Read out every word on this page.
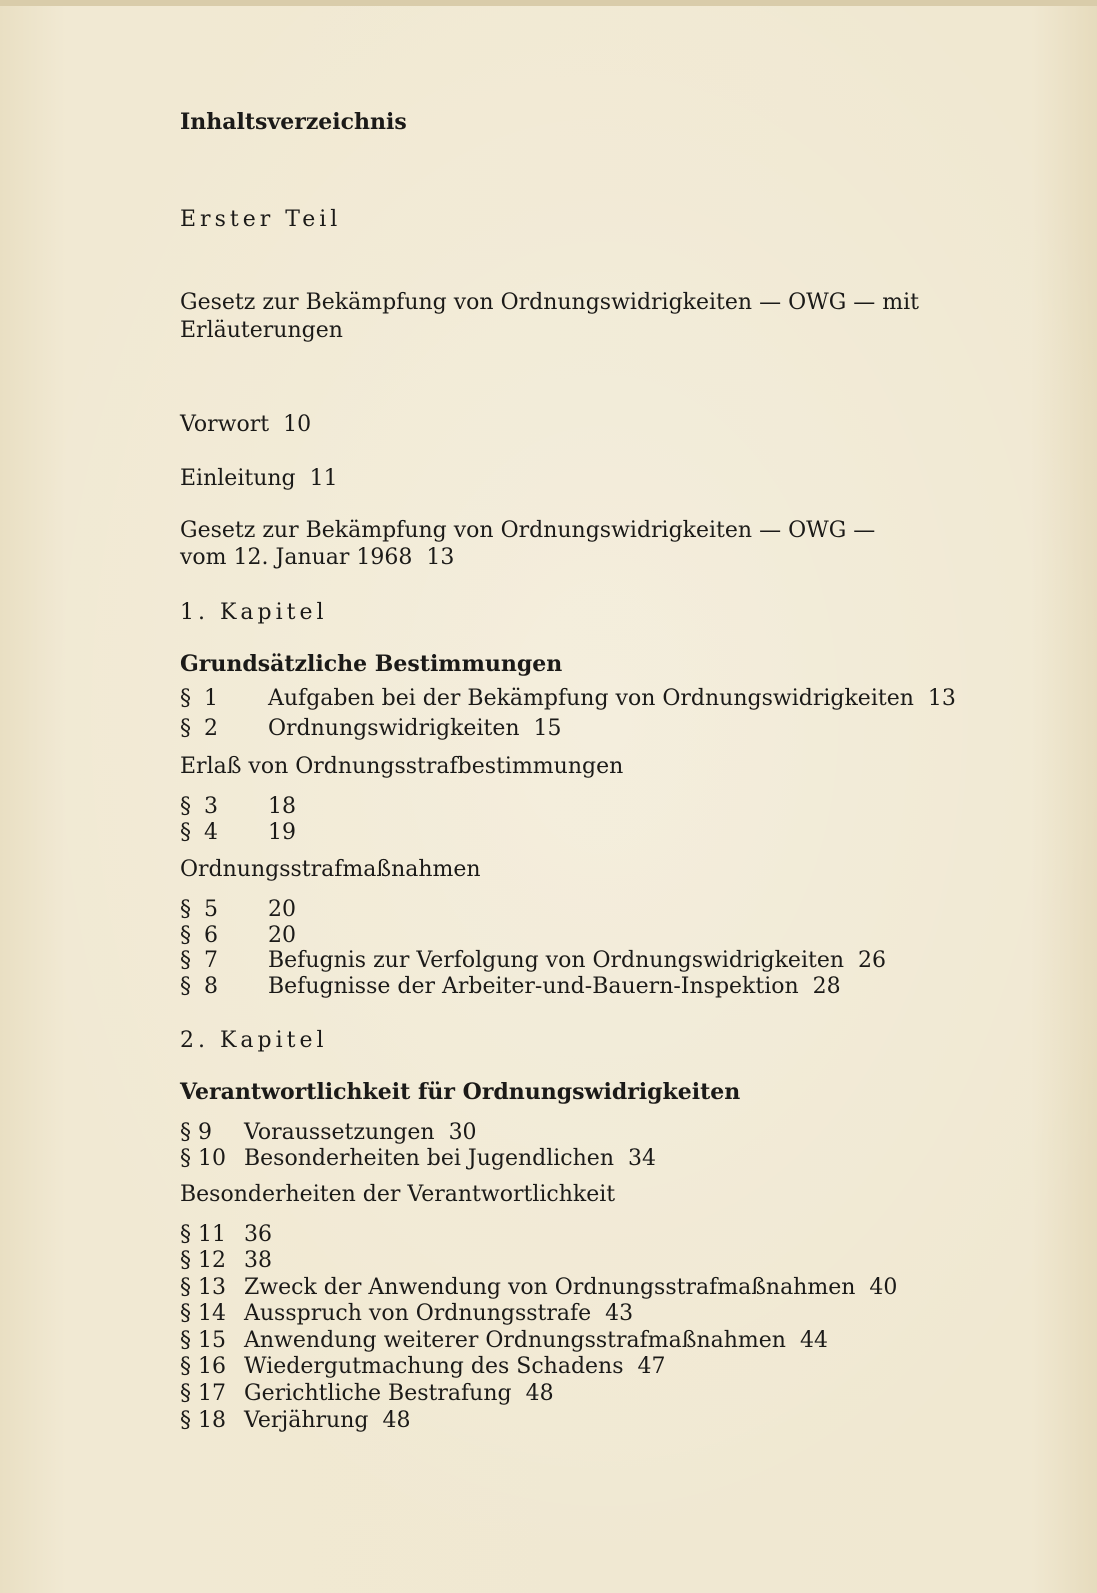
Inhaltsverzeichnis
Erster Teil
Gesetz zur Bekämpfung von Ordnungswidrigkeiten — OWG — mit
Erläuterungen
Vorwort 10
Einleitung 11
Gesetz zur Bekämpfung von Ordnungswidrigkeiten — OWG —
vom 12. Januar 1968 13
1. Kapitel
Grundsätzliche Bestimmungen
§ 1 Aufgaben bei der Bekämpfung von Ordnungswidrigkeiten 13
§ 2 Ordnungswidrigkeiten 15
Erlaß von Ordnungsstrafbestimmungen
§ 3 18
§ 4 19
Ordnungsstrafmaßnahmen
§ 5 20
§ 6 20
§ 7 Befugnis zur Verfolgung von Ordnungswidrigkeiten 26
§ 8 Befugnisse der Arbeiter-und-Bauern-Inspektion 28
2. Kapitel
Verantwortlichkeit für Ordnungswidrigkeiten
§ 9 Voraussetzungen 30
§ 10 Besonderheiten bei Jugendlichen 34
Besonderheiten der Verantwortlichkeit
§ 11 36
§ 12 38
§ 13 Zweck der Anwendung von Ordnungsstrafmaßnahmen 40
§ 14 Ausspruch von Ordnungsstrafe 43
§ 15 Anwendung weiterer Ordnungsstrafmaßnahmen 44
§ 16 Wiedergutmachung des Schadens 47
§ 17 Gerichtliche Bestrafung 48
§ 18 Verjährung 48
